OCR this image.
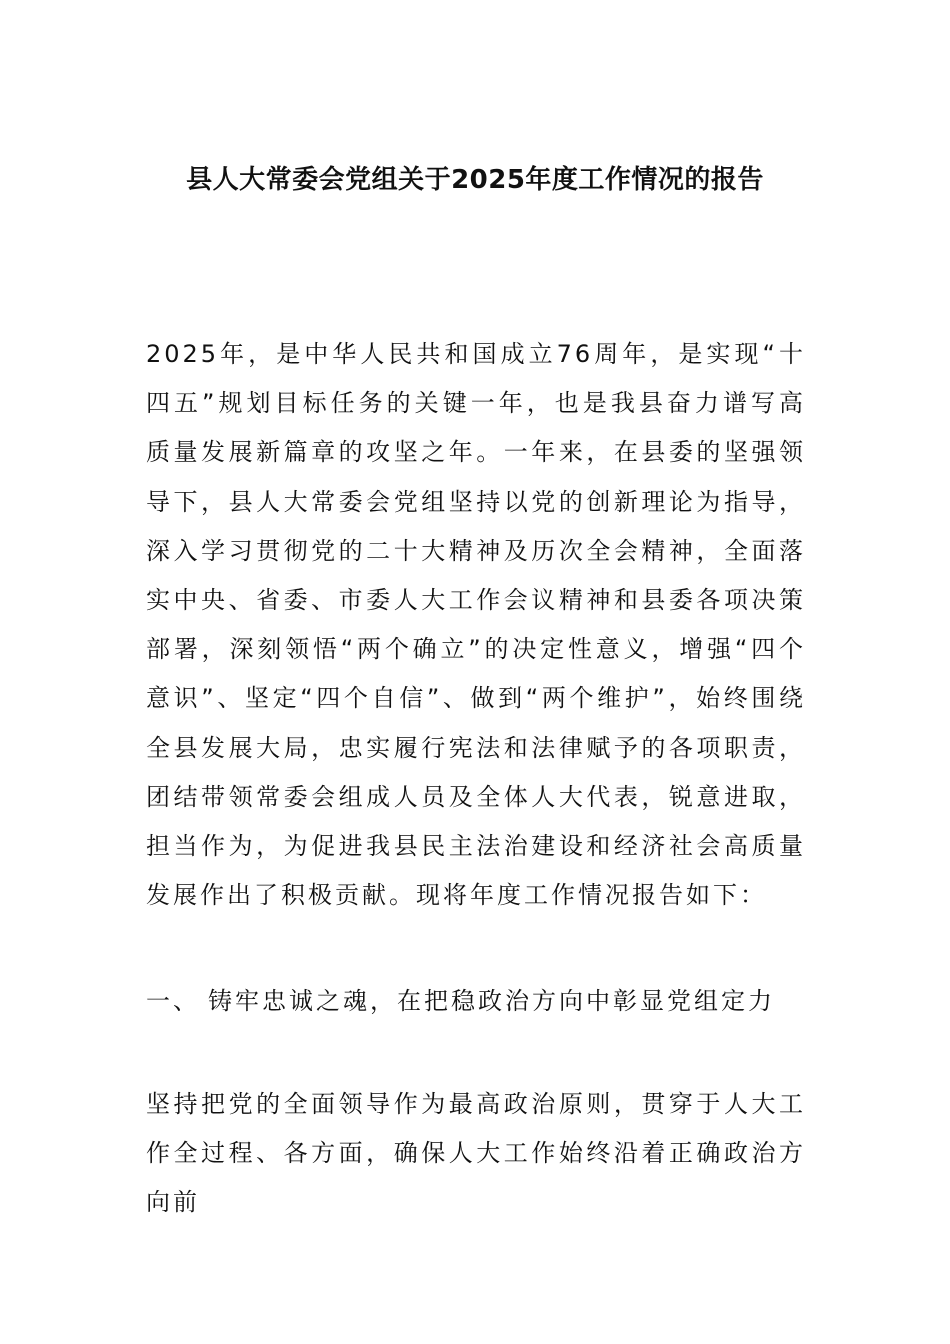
县人大常委会党组关于2025年度工作情况的报告

2025年，是中华人民共和国成立76周年，是实现“十四五”规划目标任务的关键一年，也是我县奋力谱写高质量发展新篇章的攻坚之年。一年来，在县委的坚强领导下，县人大常委会党组坚持以党的创新理论为指导，深入学习贯彻党的二十大精神及历次全会精神，全面落实中央、省委、市委人大工作会议精神和县委各项决策部署，深刻领悟“两个确立”的决定性意义，增强“四个意识”、坚定“四个自信”、做到“两个维护”，始终围绕全县发展大局，忠实履行宪法和法律赋予的各项职责，团结带领常委会组成人员及全体人大代表，锐意进取，担当作为，为促进我县民主法治建设和经济社会高质量发展作出了积极贡献。现将年度工作情况报告如下：

一、 铸牢忠诚之魂，在把稳政治方向中彰显党组定力

坚持把党的全面领导作为最高政治原则，贯穿于人大工作全过程、各方面，确保人大工作始终沿着正确政治方向前
